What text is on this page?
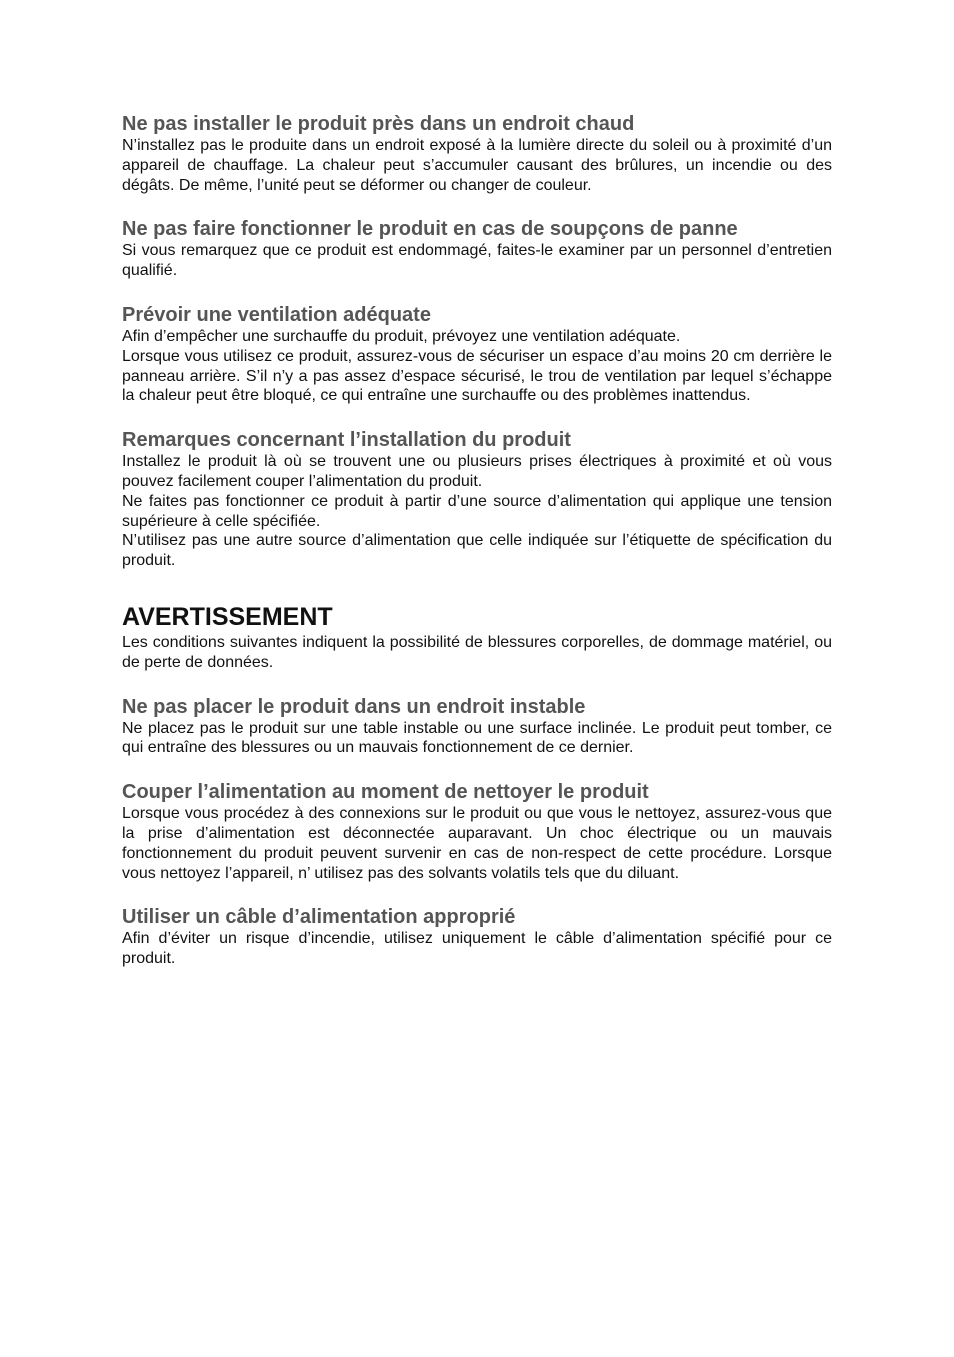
Ne pas installer le produit près dans un endroit chaud

N’installez pas le produite dans un endroit exposé à la lumière directe du soleil ou à proximité d’un appareil de chauffage. La chaleur peut s’accumuler causant des brûlures, un incendie ou des dégâts. De même, l’unité peut se déformer ou changer de couleur.

Ne pas faire fonctionner le produit en cas de soupçons de panne

Si vous remarquez que ce produit est endommagé, faites-le examiner par un personnel d’entretien qualifié.

Prévoir une ventilation adéquate

Afin d’empêcher une surchauffe du produit, prévoyez une ventilation adéquate.

Lorsque vous utilisez ce produit, assurez-vous de sécuriser un espace d’au moins 20 cm derrière le panneau arrière. S’il n’y a pas assez d’espace sécurisé, le trou de ventilation par lequel s’échappe la chaleur peut être bloqué, ce qui entraîne une surchauffe ou des problèmes inattendus.

Remarques concernant l’installation du produit

Installez le produit là où se trouvent une ou plusieurs prises électriques à proximité et où vous pouvez facilement couper l’alimentation du produit.

Ne faites pas fonctionner ce produit à partir d’une source d’alimentation qui applique une tension supérieure à celle spécifiée.

N’utilisez pas une autre source d’alimentation que celle indiquée sur l’étiquette de spécification du produit.

AVERTISSEMENT

Les conditions suivantes indiquent la possibilité de blessures corporelles, de dommage matériel, ou de perte de données.

Ne pas placer le produit dans un endroit instable

Ne placez pas le produit sur une table instable ou une surface inclinée. Le produit peut tomber, ce qui entraîne des blessures ou un mauvais fonctionnement de ce dernier.

Couper l’alimentation au moment de nettoyer le produit

Lorsque vous procédez à des connexions sur le produit ou que vous le nettoyez, assurez-vous que la prise d’alimentation est déconnectée auparavant. Un choc électrique ou un mauvais fonctionnement du produit peuvent survenir en cas de non-respect de cette procédure. Lorsque vous nettoyez l’appareil, n’ utilisez pas des solvants volatils tels que du diluant.

Utiliser un câble d’alimentation approprié

Afin d’éviter un risque d’incendie, utilisez uniquement le câble d’alimentation spécifié pour ce produit.
